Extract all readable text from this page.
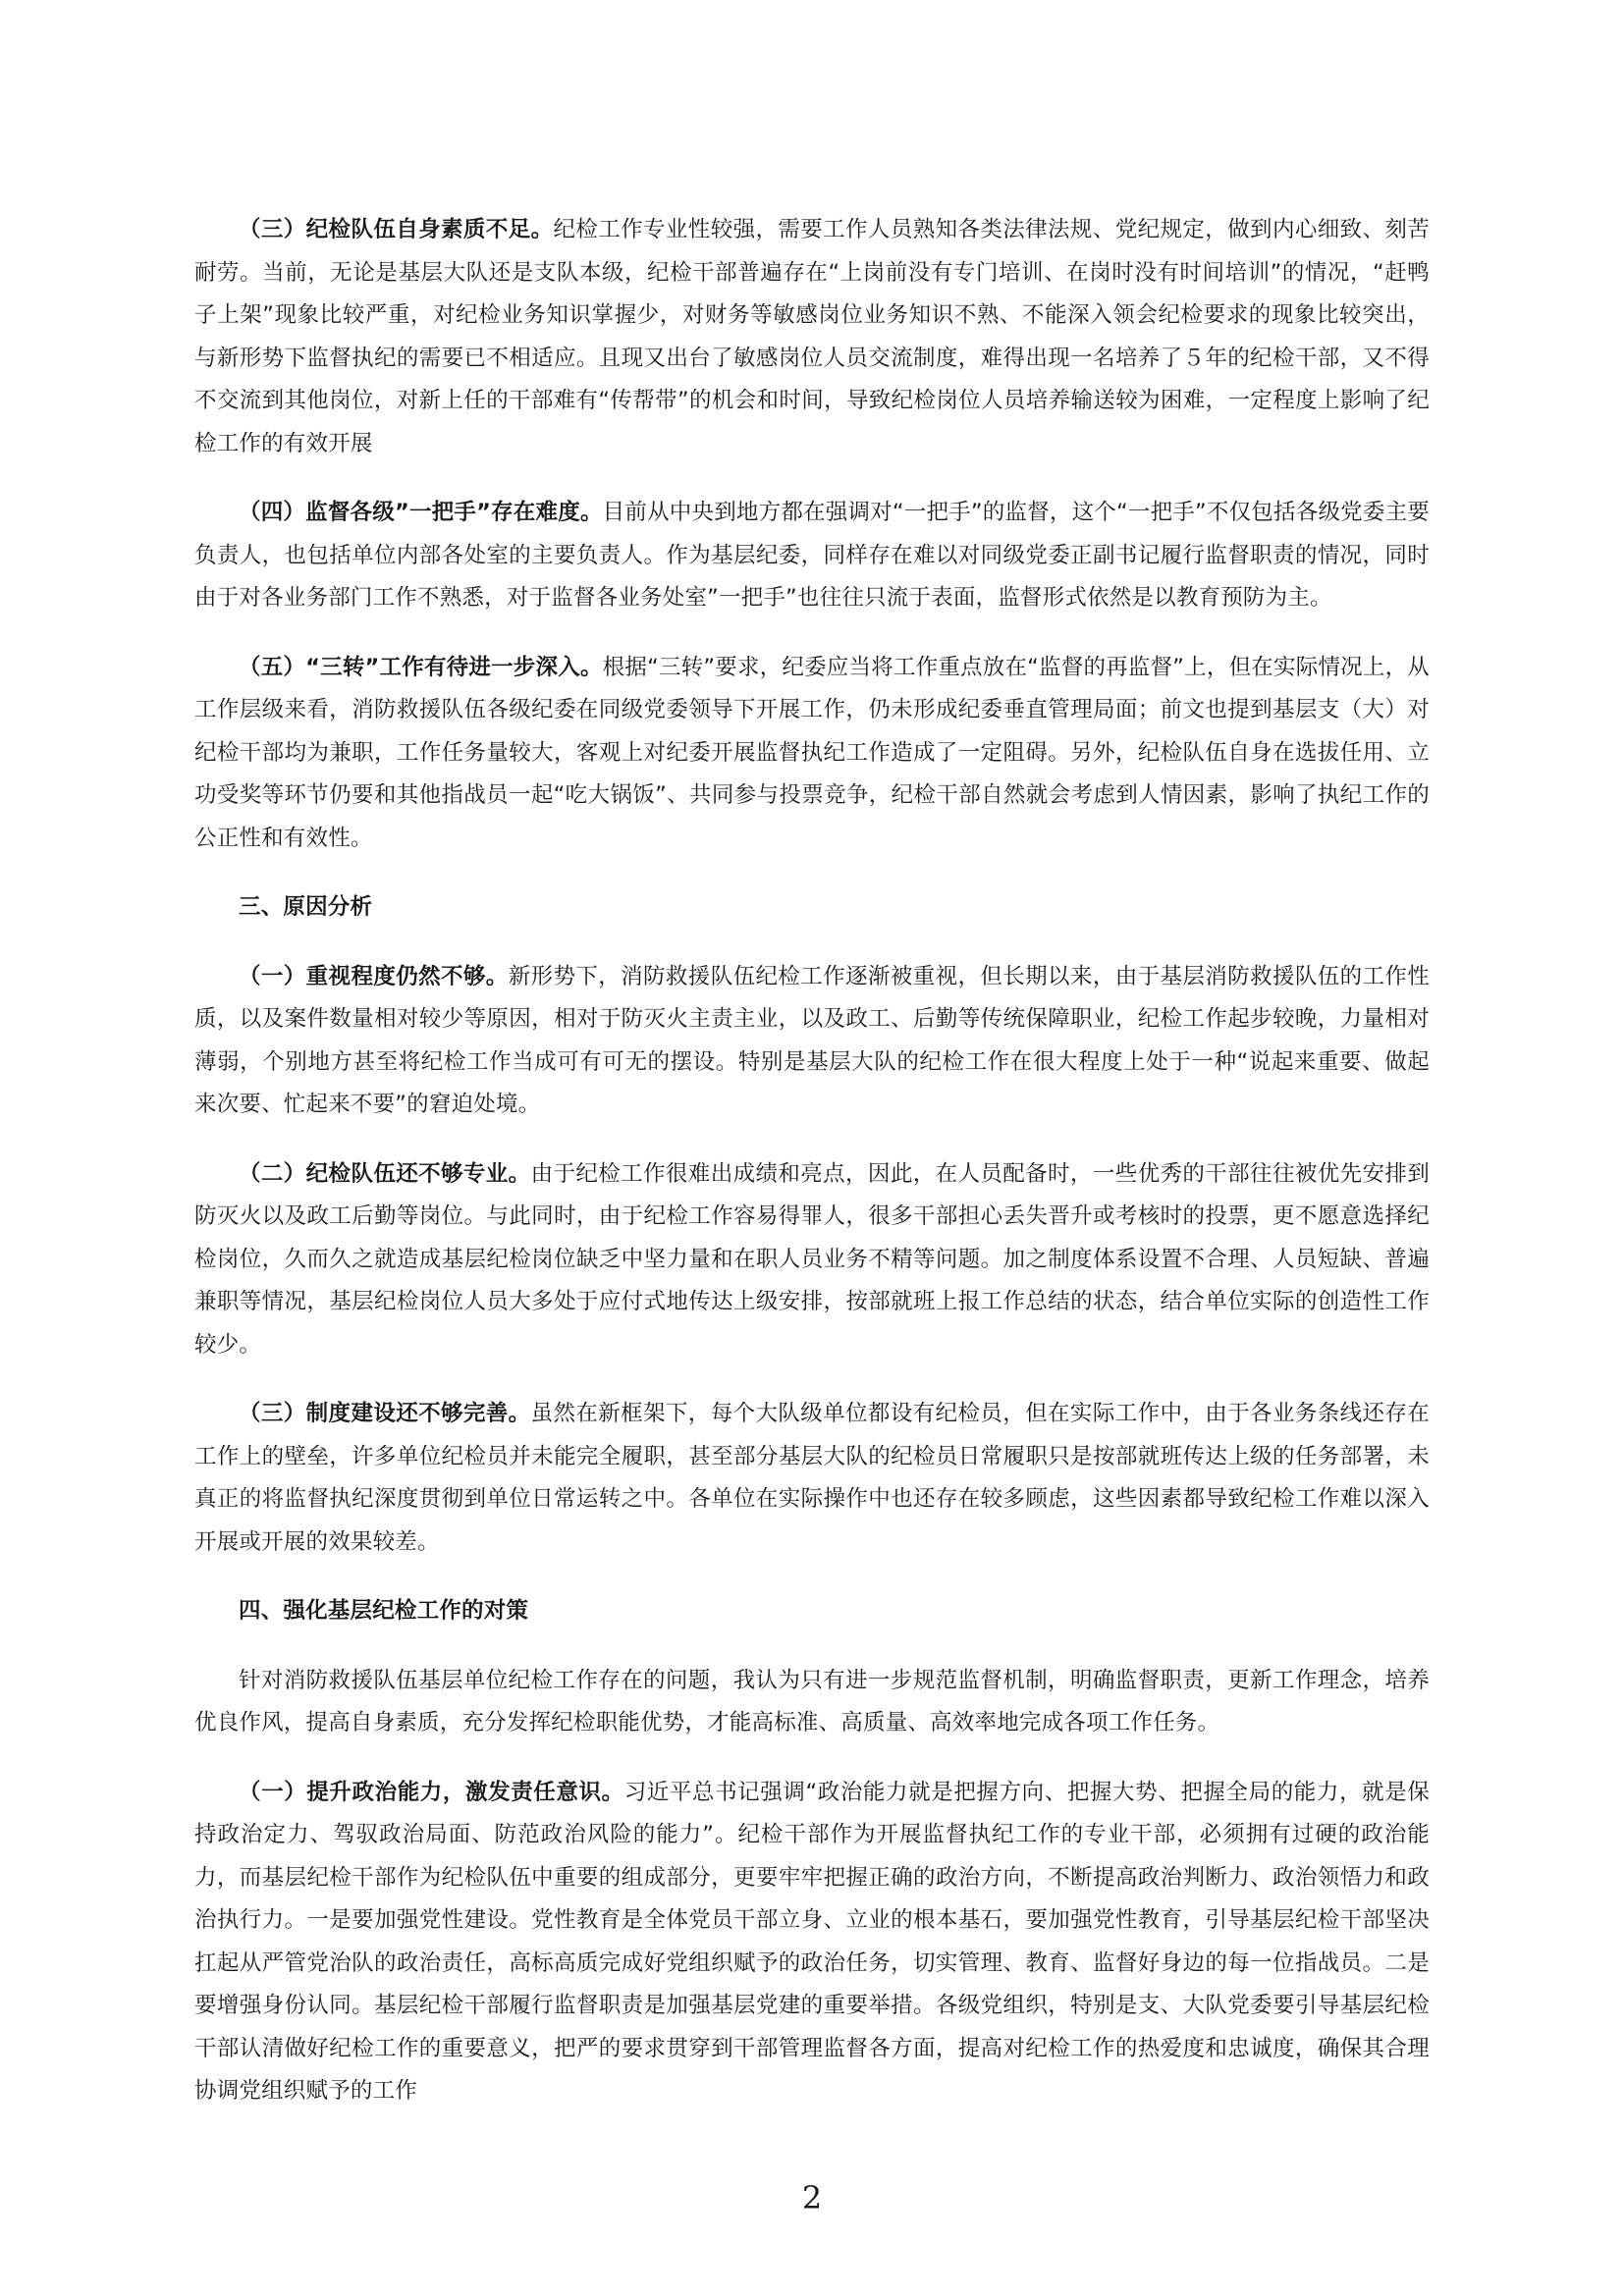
（三）纪检队伍自身素质不足。纪检工作专业性较强，需要工作人员熟知各类法律法规、党纪规定，做到内心细致、刻苦耐劳。当前，无论是基层大队还是支队本级，纪检干部普遍存在“上岗前没有专门培训、在岗时没有时间培训”的情况，“赶鸭子上架”现象比较严重，对纪检业务知识掌握少，对财务等敏感岗位业务知识不熟、不能深入领会纪检要求的现象比较突出，与新形势下监督执纪的需要已不相适应。且现又出台了敏感岗位人员交流制度，难得出现一名培养了５年的纪检干部，又不得不交流到其他岗位，对新上任的干部难有“传帮带”的机会和时间，导致纪检岗位人员培养输送较为困难，一定程度上影响了纪检工作的有效开展

（四）监督各级”一把手”存在难度。目前从中央到地方都在强调对“一把手”的监督，这个“一把手”不仅包括各级党委主要负责人，也包括单位内部各处室的主要负责人。作为基层纪委，同样存在难以对同级党委正副书记履行监督职责的情况，同时由于对各业务部门工作不熟悉，对于监督各业务处室”一把手”也往往只流于表面，监督形式依然是以教育预防为主。

（五）“三转”工作有待进一步深入。根据“三转”要求，纪委应当将工作重点放在“监督的再监督”上，但在实际情况上，从工作层级来看，消防救援队伍各级纪委在同级党委领导下开展工作，仍未形成纪委垂直管理局面；前文也提到基层支（大）对纪检干部均为兼职，工作任务量较大，客观上对纪委开展监督执纪工作造成了一定阻碍。另外，纪检队伍自身在选拔任用、立功受奖等环节仍要和其他指战员一起“吃大锅饭”、共同参与投票竞争，纪检干部自然就会考虑到人情因素，影响了执纪工作的公正性和有效性。

三、原因分析

（一）重视程度仍然不够。新形势下，消防救援队伍纪检工作逐渐被重视，但长期以来，由于基层消防救援队伍的工作性质，以及案件数量相对较少等原因，相对于防灭火主责主业，以及政工、后勤等传统保障职业，纪检工作起步较晚，力量相对薄弱，个别地方甚至将纪检工作当成可有可无的摆设。特别是基层大队的纪检工作在很大程度上处于一种“说起来重要、做起来次要、忙起来不要”的窘迫处境。

（二）纪检队伍还不够专业。由于纪检工作很难出成绩和亮点，因此，在人员配备时，一些优秀的干部往往被优先安排到防灭火以及政工后勤等岗位。与此同时，由于纪检工作容易得罪人，很多干部担心丢失晋升或考核时的投票，更不愿意选择纪检岗位，久而久之就造成基层纪检岗位缺乏中坚力量和在职人员业务不精等问题。加之制度体系设置不合理、人员短缺、普遍兼职等情况，基层纪检岗位人员大多处于应付式地传达上级安排，按部就班上报工作总结的状态，结合单位实际的创造性工作较少。

（三）制度建设还不够完善。虽然在新框架下，每个大队级单位都设有纪检员，但在实际工作中，由于各业务条线还存在工作上的壁垒，许多单位纪检员并未能完全履职，甚至部分基层大队的纪检员日常履职只是按部就班传达上级的任务部署，未真正的将监督执纪深度贯彻到单位日常运转之中。各单位在实际操作中也还存在较多顾虑，这些因素都导致纪检工作难以深入开展或开展的效果较差。

四、强化基层纪检工作的对策

针对消防救援队伍基层单位纪检工作存在的问题，我认为只有进一步规范监督机制，明确监督职责，更新工作理念，培养优良作风，提高自身素质，充分发挥纪检职能优势，才能高标准、高质量、高效率地完成各项工作任务。

（一）提升政治能力，激发责任意识。习近平总书记强调“政治能力就是把握方向、把握大势、把握全局的能力，就是保持政治定力、驾驭政治局面、防范政治风险的能力”。纪检干部作为开展监督执纪工作的专业干部，必须拥有过硬的政治能力，而基层纪检干部作为纪检队伍中重要的组成部分，更要牢牢把握正确的政治方向，不断提高政治判断力、政治领悟力和政治执行力。一是要加强党性建设。党性教育是全体党员干部立身、立业的根本基石，要加强党性教育，引导基层纪检干部坚决扛起从严管党治队的政治责任，高标高质完成好党组织赋予的政治任务，切实管理、教育、监督好身边的每一位指战员。二是要增强身份认同。基层纪检干部履行监督职责是加强基层党建的重要举措。各级党组织，特别是支、大队党委要引导基层纪检干部认清做好纪检工作的重要意义，把严的要求贯穿到干部管理监督各方面，提高对纪检工作的热爱度和忠诚度，确保其合理协调党组织赋予的工作

2
